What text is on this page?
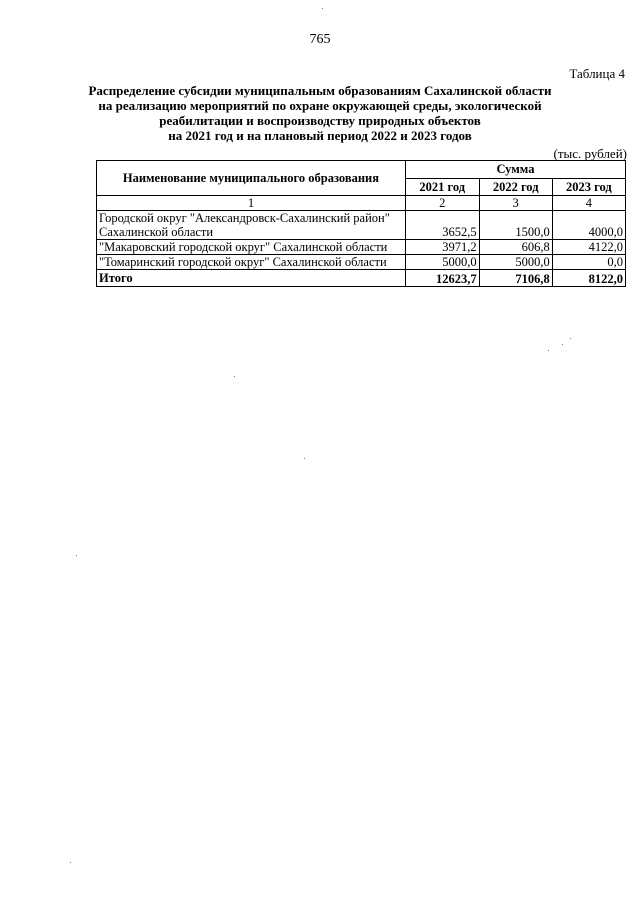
765
Таблица 4
Распределение субсидии муниципальным образованиям Сахалинской области
на реализацию мероприятий по охране окружающей среды, экологической
реабилитации и воспроизводству природных объектов
на 2021 год и на плановый период 2022 и 2023 годов
(тыс. рублей)
Наименование муниципального образования	Сумма		
	2021 год	2022 год	2023 год
1	2	3	4

Городской округ "Александровск-Сахалинский район"
Сахалинской области	3652,5	1500,0	4000,0

"Макаровский городской округ" Сахалинской области	3971,2	606,8	4122,0

"Томаринский городской округ" Сахалинской области	5000,0	5000,0	0,0
Итого	12623,7	7106,8	8122,0
